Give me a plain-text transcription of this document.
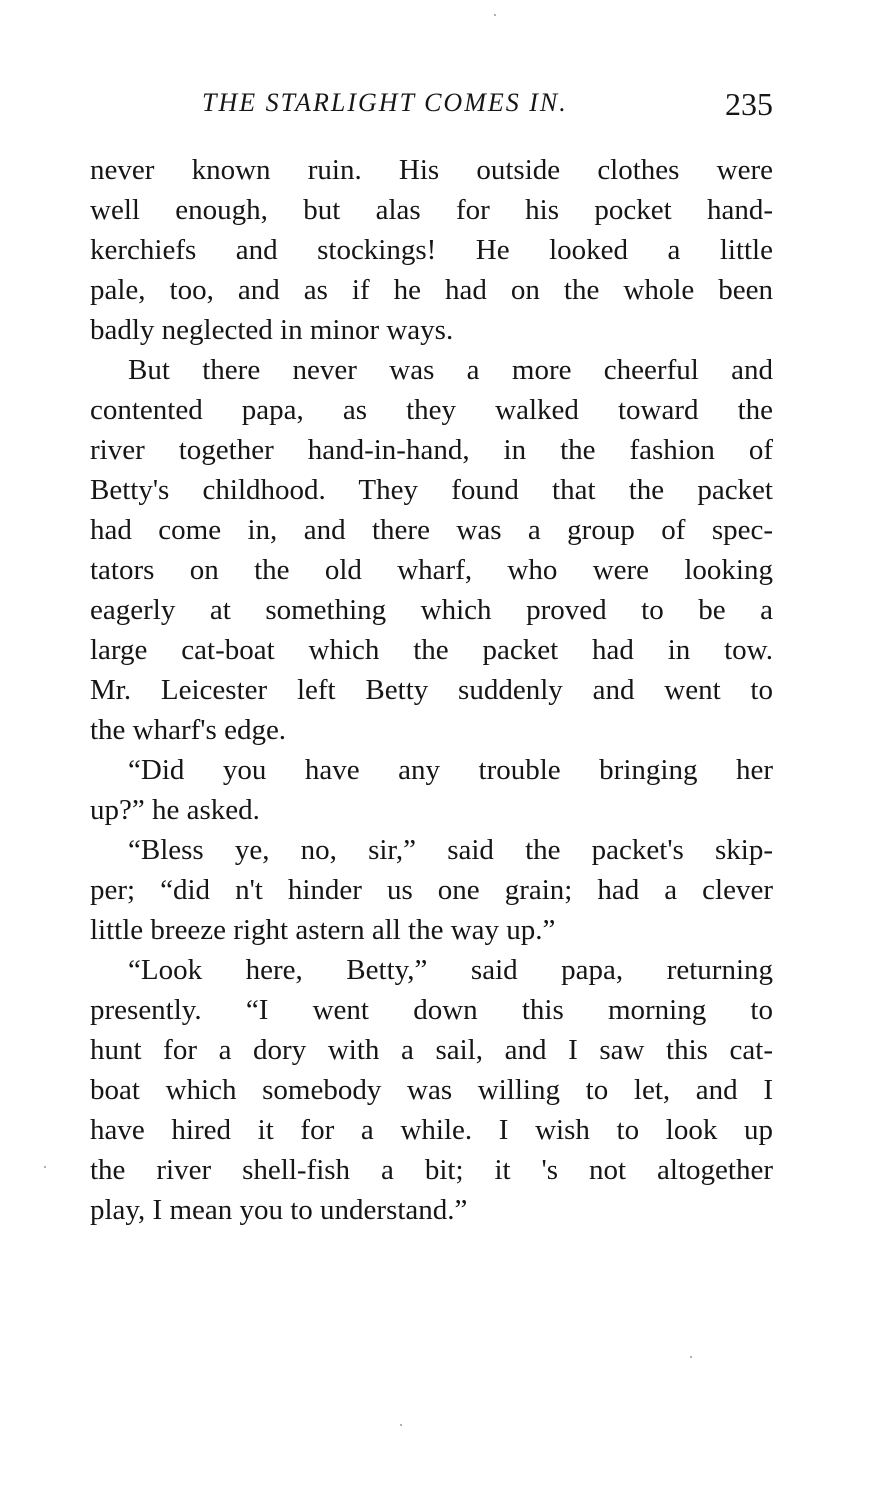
THE STARLIGHT COMES IN.	235
never known ruin. His outside clothes were
well enough, but alas for his pocket hand-
kerchiefs and stockings! He looked a little
pale, too, and as if he had on the whole been
badly neglected in minor ways.
But there never was a more cheerful and
contented papa, as they walked toward the
river together hand-in-hand, in the fashion of
Betty's childhood. They found that the packet
had come in, and there was a group of spec-
tators on the old wharf, who were looking
eagerly at something which proved to be a
large cat-boat which the packet had in tow.
Mr. Leicester left Betty suddenly and went to
the wharf's edge.
“Did you have any trouble bringing her
up?” he asked.
“Bless ye, no, sir,” said the packet's skip-
per; “did n't hinder us one grain; had a clever
little breeze right astern all the way up.”
“Look here, Betty,” said papa, returning
presently. “I went down this morning to
hunt for a dory with a sail, and I saw this cat-
boat which somebody was willing to let, and I
have hired it for a while. I wish to look up
the river shell-fish a bit; it 's not altogether
play, I mean you to understand.”
